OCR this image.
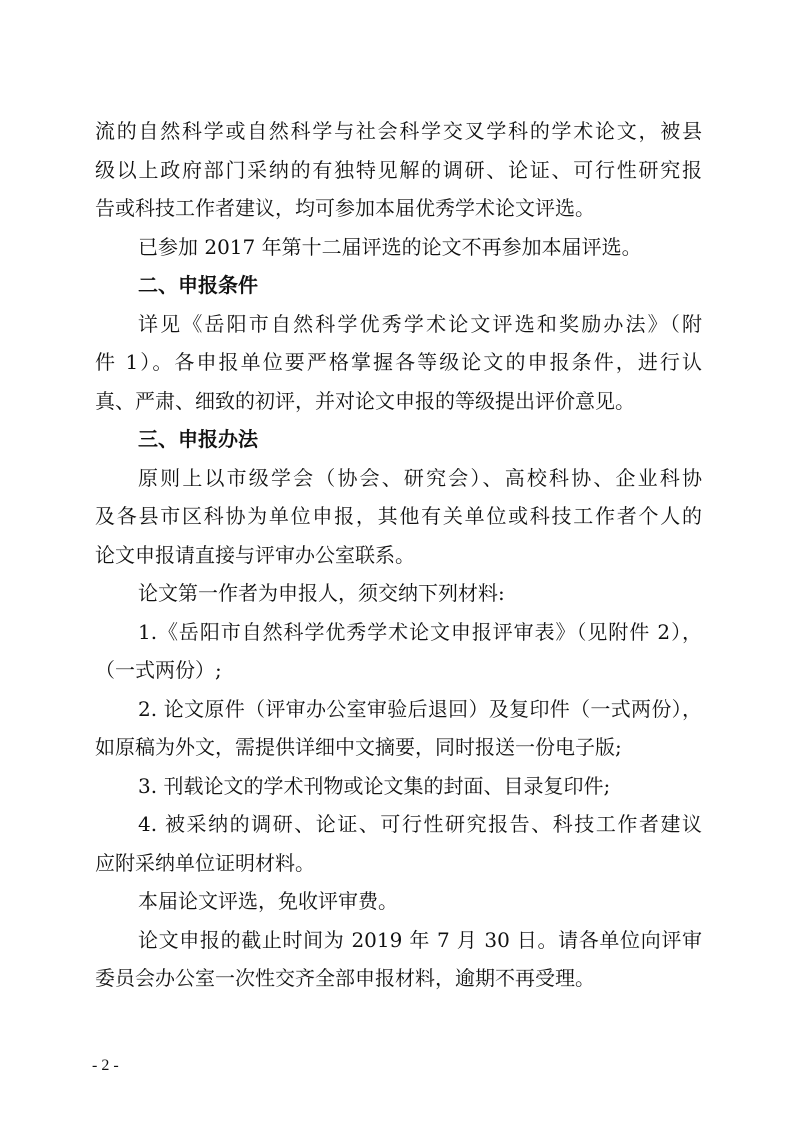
流的自然科学或自然科学与社会科学交叉学科的学术论文，被县
级以上政府部门采纳的有独特见解的调研、论证、可行性研究报
告或科技工作者建议，均可参加本届优秀学术论文评选。
已参加 2017 年第十二届评选的论文不再参加本届评选。
二、申报条件
详见《岳阳市自然科学优秀学术论文评选和奖励办法》（附
件 1）。各申报单位要严格掌握各等级论文的申报条件，进行认
真、严肃、细致的初评，并对论文申报的等级提出评价意见。
三、申报办法
原则上以市级学会（协会、研究会）、高校科协、企业科协
及各县市区科协为单位申报，其他有关单位或科技工作者个人的
论文申报请直接与评审办公室联系。
论文第一作者为申报人，须交纳下列材料:
1.《岳阳市自然科学优秀学术论文申报评审表》（见附件 2），
（一式两份）;
2. 论文原件（评审办公室审验后退回）及复印件（一式两份），
如原稿为外文，需提供详细中文摘要，同时报送一份电子版;
3. 刊载论文的学术刊物或论文集的封面、目录复印件;
4. 被采纳的调研、论证、可行性研究报告、科技工作者建议
应附采纳单位证明材料。
本届论文评选，免收评审费。
论文申报的截止时间为 2019 年 7 月 30 日。请各单位向评审
委员会办公室一次性交齐全部申报材料，逾期不再受理。
- 2 -
